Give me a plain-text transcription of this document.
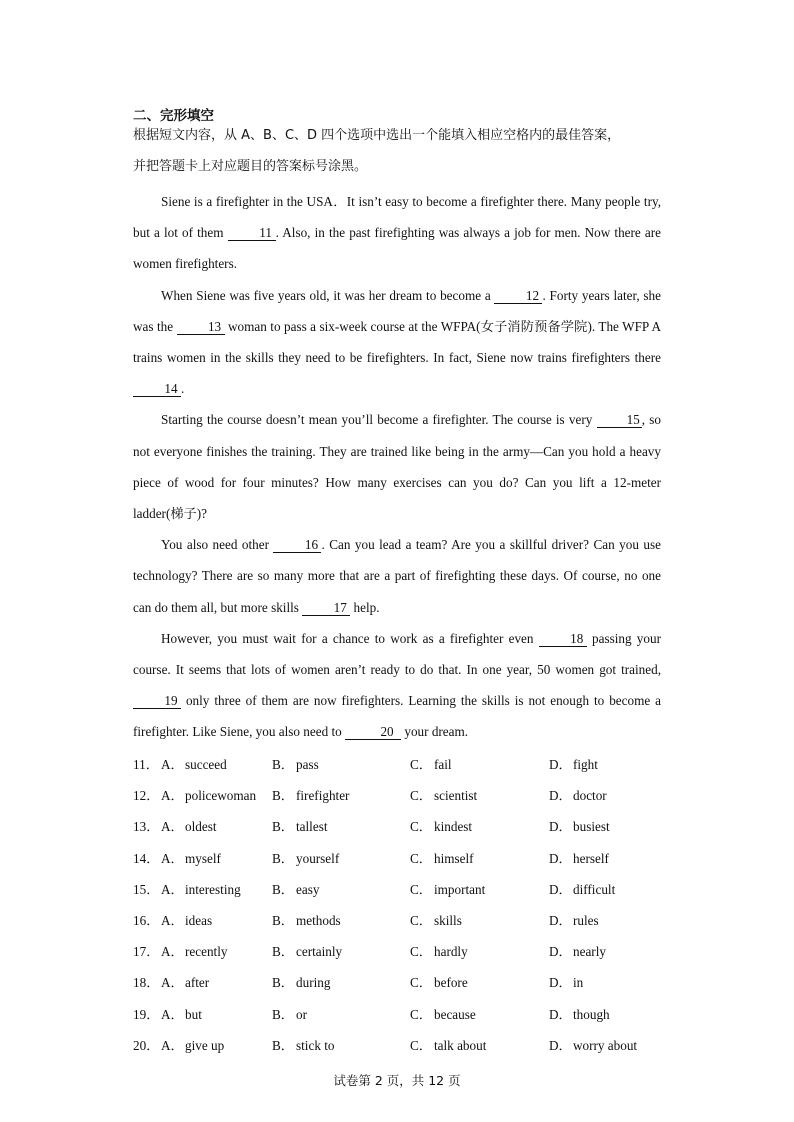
二、完形填空
根据短文内容，从 A、B、C、D 四个选项中选出一个能填入相应空格内的最佳答案，
并把答题卡上对应题目的答案标号涂黑。

Siene is a firefighter in the USA．It isn’t easy to become a firefighter there. Many people try, but a lot of them 11 . Also, in the past firefighting was always a job for men. Now there are women firefighters.

When Siene was five years old, it was her dream to become a 12 . Forty years later, she was the 13 woman to pass a six-week course at the WFPA(女子消防预备学院). The WFP A trains women in the skills they need to be firefighters. In fact, Siene now trains firefighters there 14 .

Starting the course doesn’t mean you’ll become a firefighter. The course is very 15 , so not everyone finishes the training. They are trained like being in the army—Can you hold a heavy piece of wood for four minutes? How many exercises can you do? Can you lift a 12-meter ladder(梯子)?

You also need other 16 . Can you lead a team? Are you a skillful driver? Can you use technology? There are so many more that are a part of firefighting these days. Of course, no one can do them all, but more skills 17 help.

However, you must wait for a chance to work as a firefighter even 18 passing your course. It seems that lots of women aren’t ready to do that. In one year, 50 women got trained, 19 only three of them are now firefighters. Learning the skills is not enough to become a firefighter. Like Siene, you also need to	20 your dream.

11． A．succeed	B． pass	C． fail	D．fight
12． A．policewoman B． firefighter	C． scientist	D．doctor
13． A．oldest	B． tallest	C． kindest	D．busiest
14． A．myself	B． yourself	C． himself	D．herself
15． A．interesting B． easy	C． important	D．difficult
16． A．ideas	B． methods	C． skills	D．rules
17． A．recently	B． certainly	C． hardly	D．nearly
18． A．after	B． during	C． before	D．in
19． A．but	B． or	C． because	D．though
20． A．give up	B． stick to	C． talk about	D．worry about
试卷第 2 页，共 12 页
